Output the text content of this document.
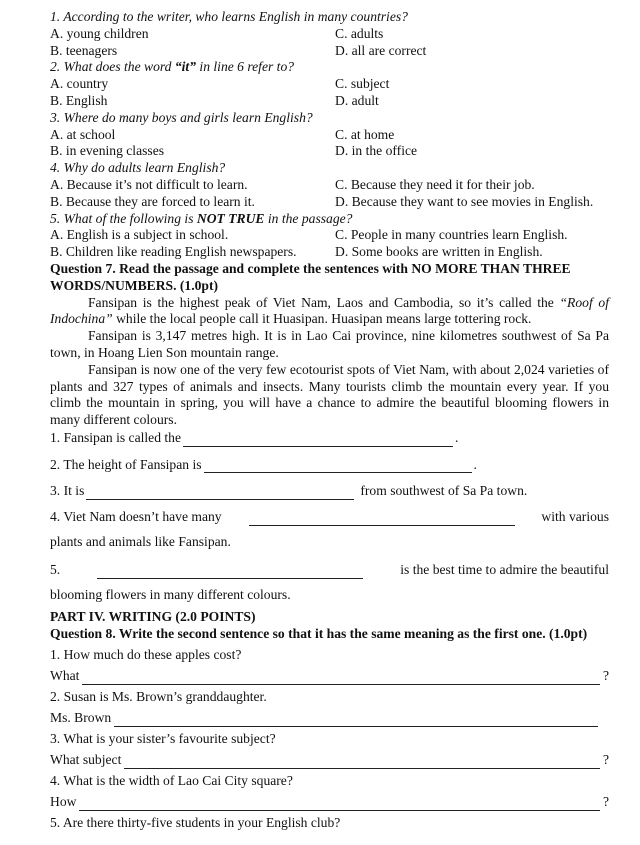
1. According to the writer, who learns English in many countries?
A. young children	C. adults
B. teenagers	D. all are correct
2. What does the word “it” in line 6 refer to?
A. country	C. subject
B. English	D. adult
3. Where do many boys and girls learn English?
A. at school	C. at home
B. in evening classes	D. in the office
4. Why do adults learn English?
A. Because it’s not difficult to learn.	C. Because they need it for their job.
B. Because they are forced to learn it.	D. Because they want to see movies in English.
5. What of the following is NOT TRUE in the passage?
A. English is a subject in school.	C. People in many countries learn English.
B. Children like reading English newspapers.	D. Some books are written in English.
Question 7. Read the passage and complete the sentences with NO MORE THAN THREE WORDS/NUMBERS. (1.0pt)
Fansipan is the highest peak of Viet Nam, Laos and Cambodia, so it’s called the “Roof of Indochina” while the local people call it Huasipan. Huasipan means large tottering rock.
Fansipan is 3,147 metres high. It is in Lao Cai province, nine kilometres southwest of Sa Pa town, in Hoang Lien Son mountain range.
Fansipan is now one of the very few ecotourist spots of Viet Nam, with about 2,024 varieties of plants and 327 types of animals and insects. Many tourists climb the mountain every year. If you climb the mountain in spring, you will have a chance to admire the beautiful blooming flowers in many different colours.
1. Fansipan is called the	.
2. The height of Fansipan is	.
3. It is	from southwest of Sa Pa town.
4. Viet Nam doesn’t have many	with various
plants and animals like Fansipan.
5.	is the best time to admire the beautiful
blooming flowers in many different colours.
PART IV. WRITING (2.0 POINTS)
Question 8. Write the second sentence so that it has the same meaning as the first one. (1.0pt)
1. How much do these apples cost?
What	?
2. Susan is Ms. Brown’s granddaughter.
Ms. Brown
3. What is your sister’s favourite subject?
What subject	?
4. What is the width of Lao Cai City square?
How	?
5. Are there thirty-five students in your English club?
